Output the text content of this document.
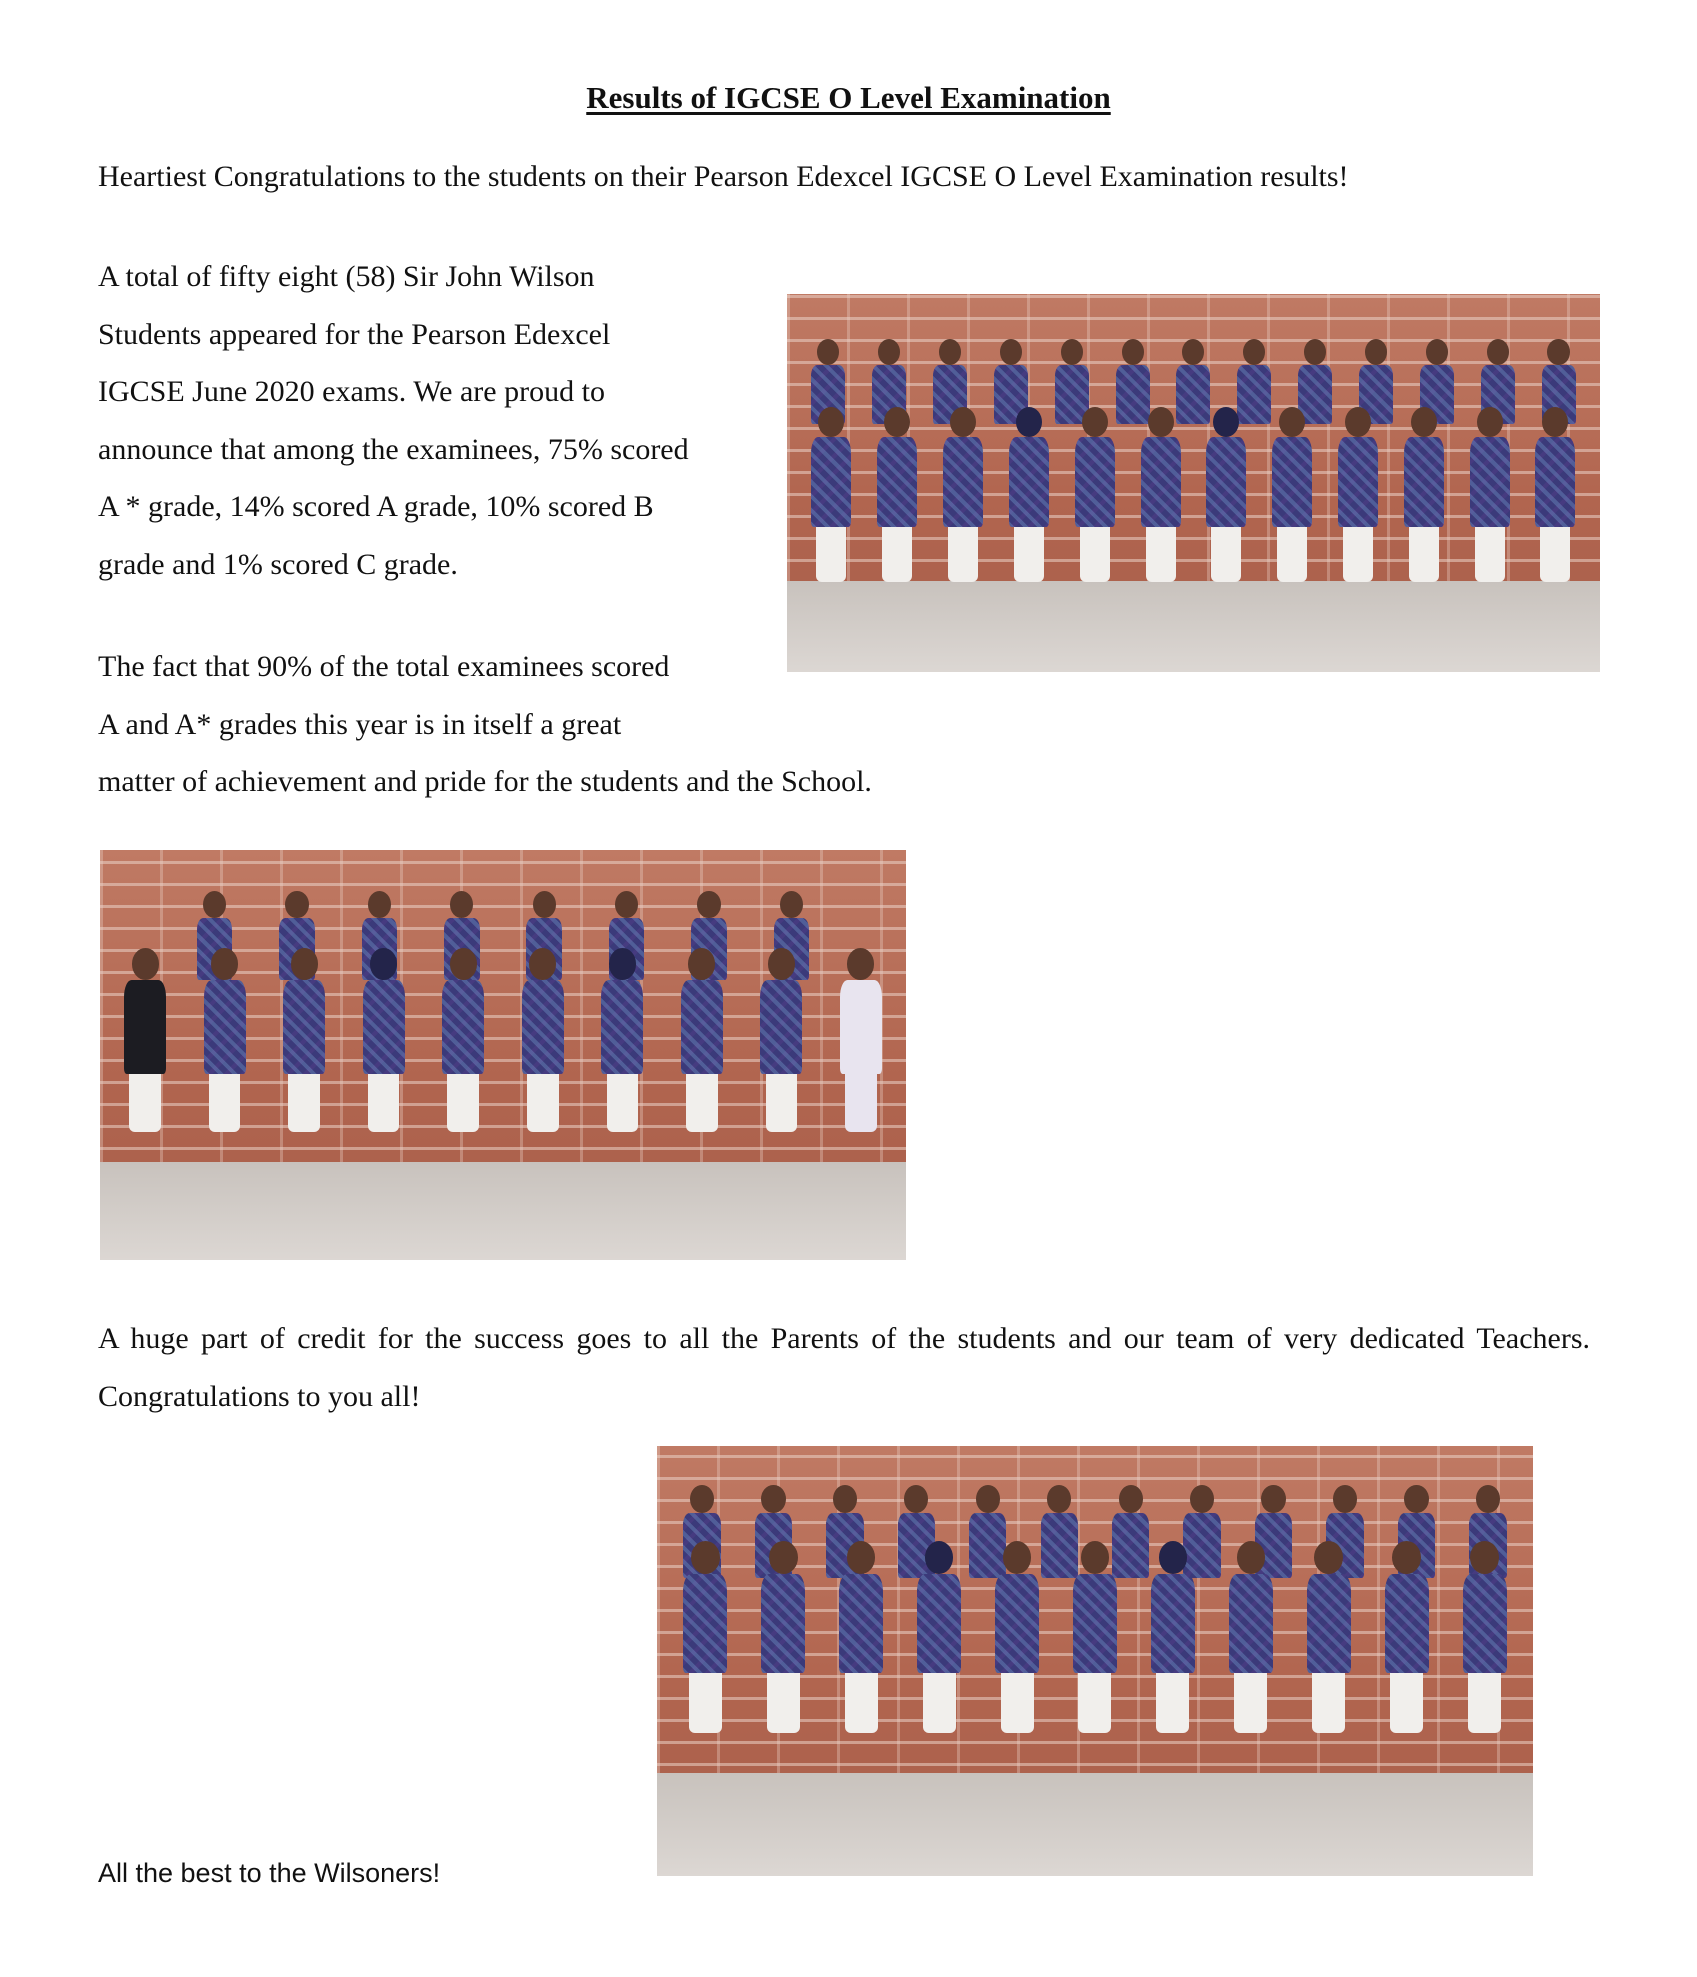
Results of IGCSE O Level Examination
Heartiest Congratulations to the students on their Pearson Edexcel IGCSE O Level Examination results!
A total of fifty eight (58) Sir John Wilson
Students appeared for the Pearson Edexcel
IGCSE June 2020 exams. We are proud to
announce that among the examinees, 75% scored
A * grade, 14% scored A grade, 10% scored B
grade and 1% scored C grade.
The fact that 90% of the total examinees scored
A and A* grades this year is in itself a great
matter of achievement and pride for the students and the School.
A huge part of credit for the success goes to all the Parents of the students and our team of very dedicated Teachers. Congratulations to you all!
All the best to the Wilsoners!
